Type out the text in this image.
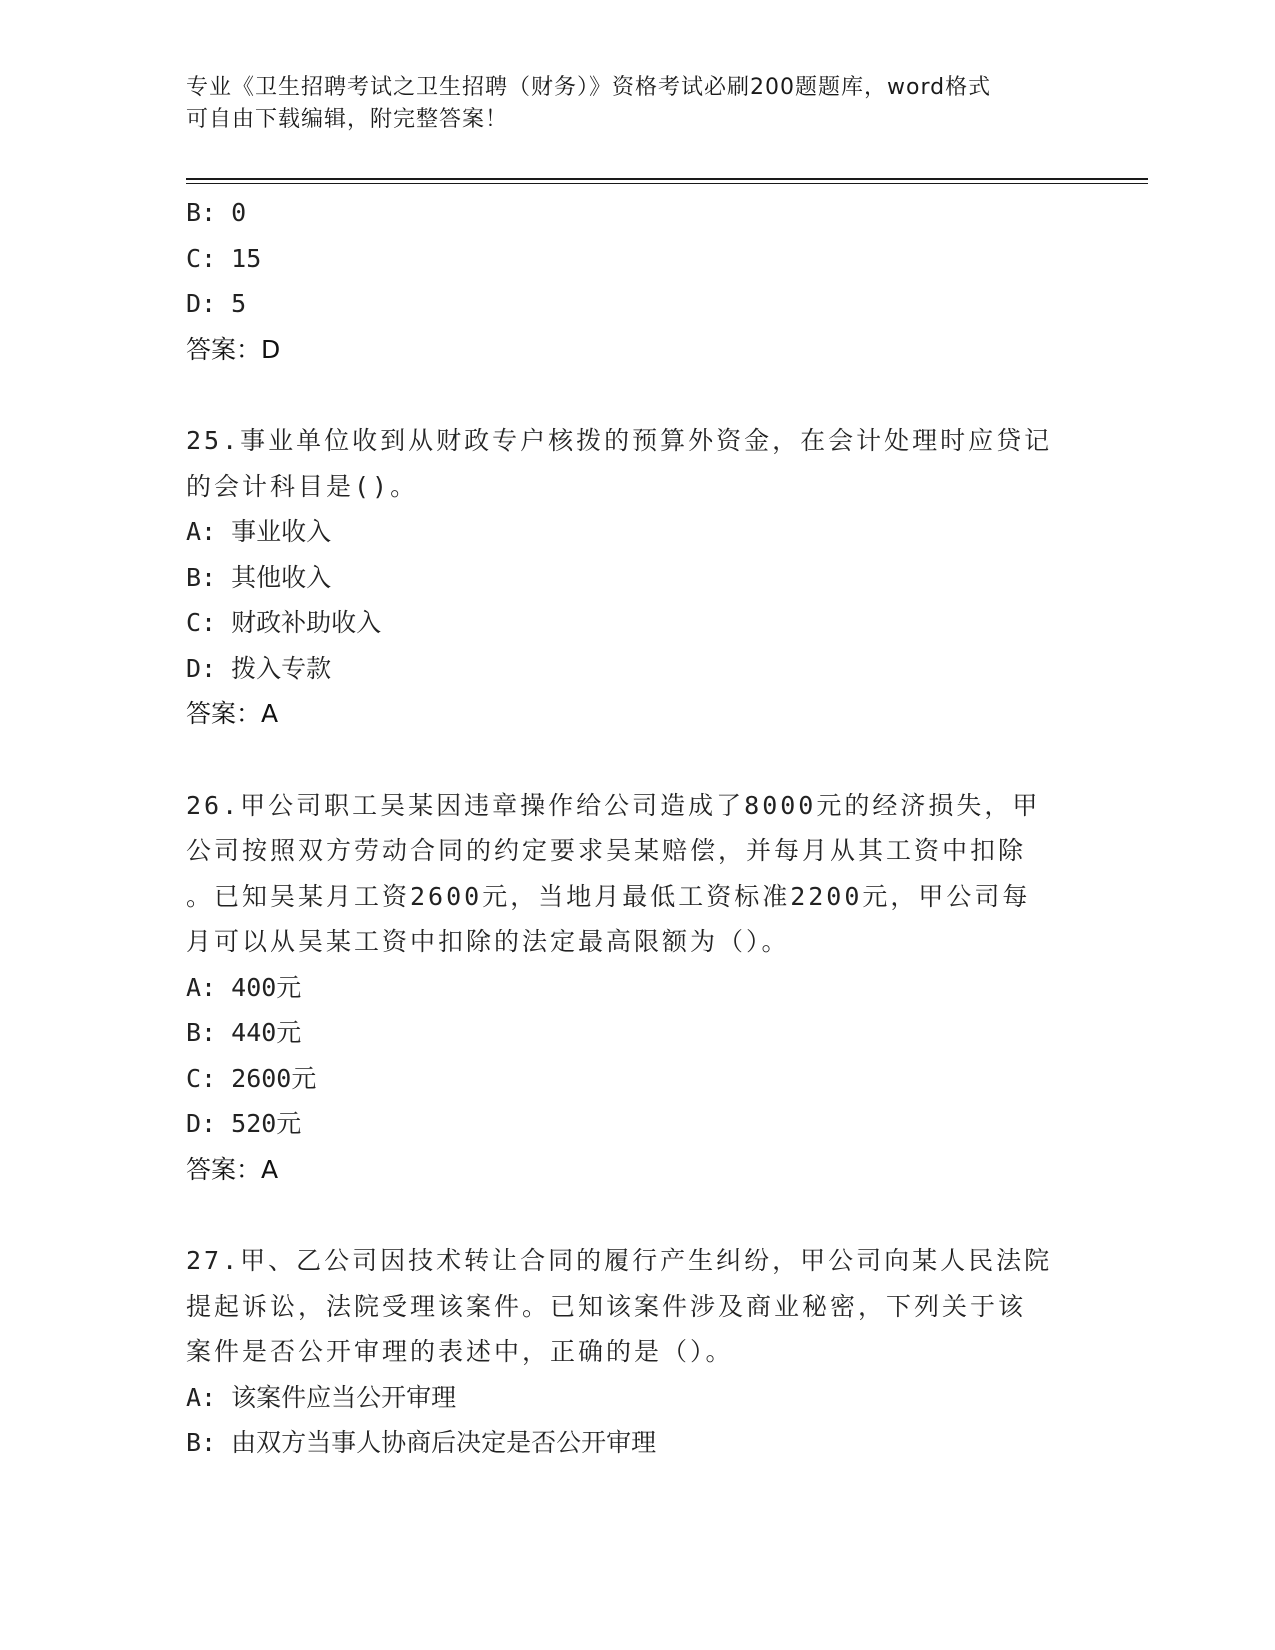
专业《卫生招聘考试之卫生招聘（财务）》资格考试必刷200题题库，word格式
可自由下载编辑，附完整答案！

B: 0

C: 15

D: 5

答案：D

25.事业单位收到从财政专户核拨的预算外资金，在会计处理时应贷记

的会计科目是()。

A: 事业收入

B: 其他收入

C: 财政补助收入

D: 拨入专款

答案：A

26.甲公司职工吴某因违章操作给公司造成了8000元的经济损失，甲

公司按照双方劳动合同的约定要求吴某赔偿，并每月从其工资中扣除

。已知吴某月工资2600元，当地月最低工资标准2200元，甲公司每

月可以从吴某工资中扣除的法定最高限额为（）。

A: 400元

B: 440元

C: 2600元

D: 520元

答案：A

27.甲、乙公司因技术转让合同的履行产生纠纷，甲公司向某人民法院

提起诉讼，法院受理该案件。已知该案件涉及商业秘密，下列关于该

案件是否公开审理的表述中，正确的是（）。

A: 该案件应当公开审理

B: 由双方当事人协商后决定是否公开审理
